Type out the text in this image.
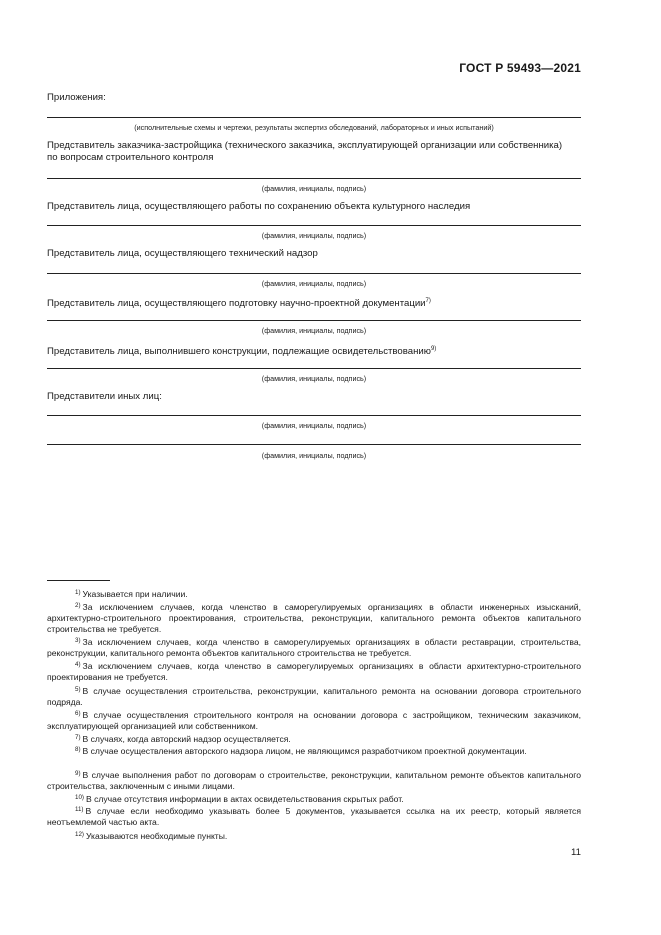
ГОСТ Р 59493—2021
Приложения:
(исполнительные схемы и чертежи, результаты экспертиз обследований, лабораторных и иных испытаний)
Представитель заказчика-застройщика (технического заказчика, эксплуатирующей организации или собственника)
по вопросам строительного контроля
(фамилия, инициалы, подпись)
Представитель лица, осуществляющего работы по сохранению объекта культурного наследия
(фамилия, инициалы, подпись)
Представитель лица, осуществляющего технический надзор
(фамилия, инициалы, подпись)
Представитель лица, осуществляющего подготовку научно-проектной документации$^{7)}$
(фамилия, инициалы, подпись)
Представитель лица, выполнившего конструкции, подлежащие освидетельствованию$^{9)}$
(фамилия, инициалы, подпись)
Представители иных лиц:
(фамилия, инициалы, подпись)
(фамилия, инициалы, подпись)
$^{1)}$ Указывается при наличии.
$^{2)}$ За исключением случаев, когда членство в саморегулируемых организациях в области инженерных изысканий, архитектурно-строительного проектирования, строительства, реконструкции, капитального ремонта объектов капитального строительства не требуется.
$^{3)}$ За исключением случаев, когда членство в саморегулируемых организациях в области реставрации, строительства, реконструкции, капитального ремонта объектов капитального строительства не требуется.
$^{4)}$ За исключением случаев, когда членство в саморегулируемых организациях в области архитектурно-строительного проектирования не требуется.
$^{5)}$ В случае осуществления строительства, реконструкции, капитального ремонта на основании договора строительного подряда.
$^{6)}$ В случае осуществления строительного контроля на основании договора с застройщиком, техническим заказчиком, эксплуатирующей организацией или собственником.
$^{7)}$ В случаях, когда авторский надзор осуществляется.
$^{8)}$ В случае осуществления авторского надзора лицом, не являющимся разработчиком проектной документации.
$^{9)}$ В случае выполнения работ по договорам о строительстве, реконструкции, капитальном ремонте объектов капитального строительства, заключенным с иными лицами.
$^{10)}$ В случае отсутствия информации в актах освидетельствования скрытых работ.
$^{11)}$ В случае если необходимо указывать более 5 документов, указывается ссылка на их реестр, который является неотъемлемой частью акта.
$^{12)}$ Указываются необходимые пункты.
11
